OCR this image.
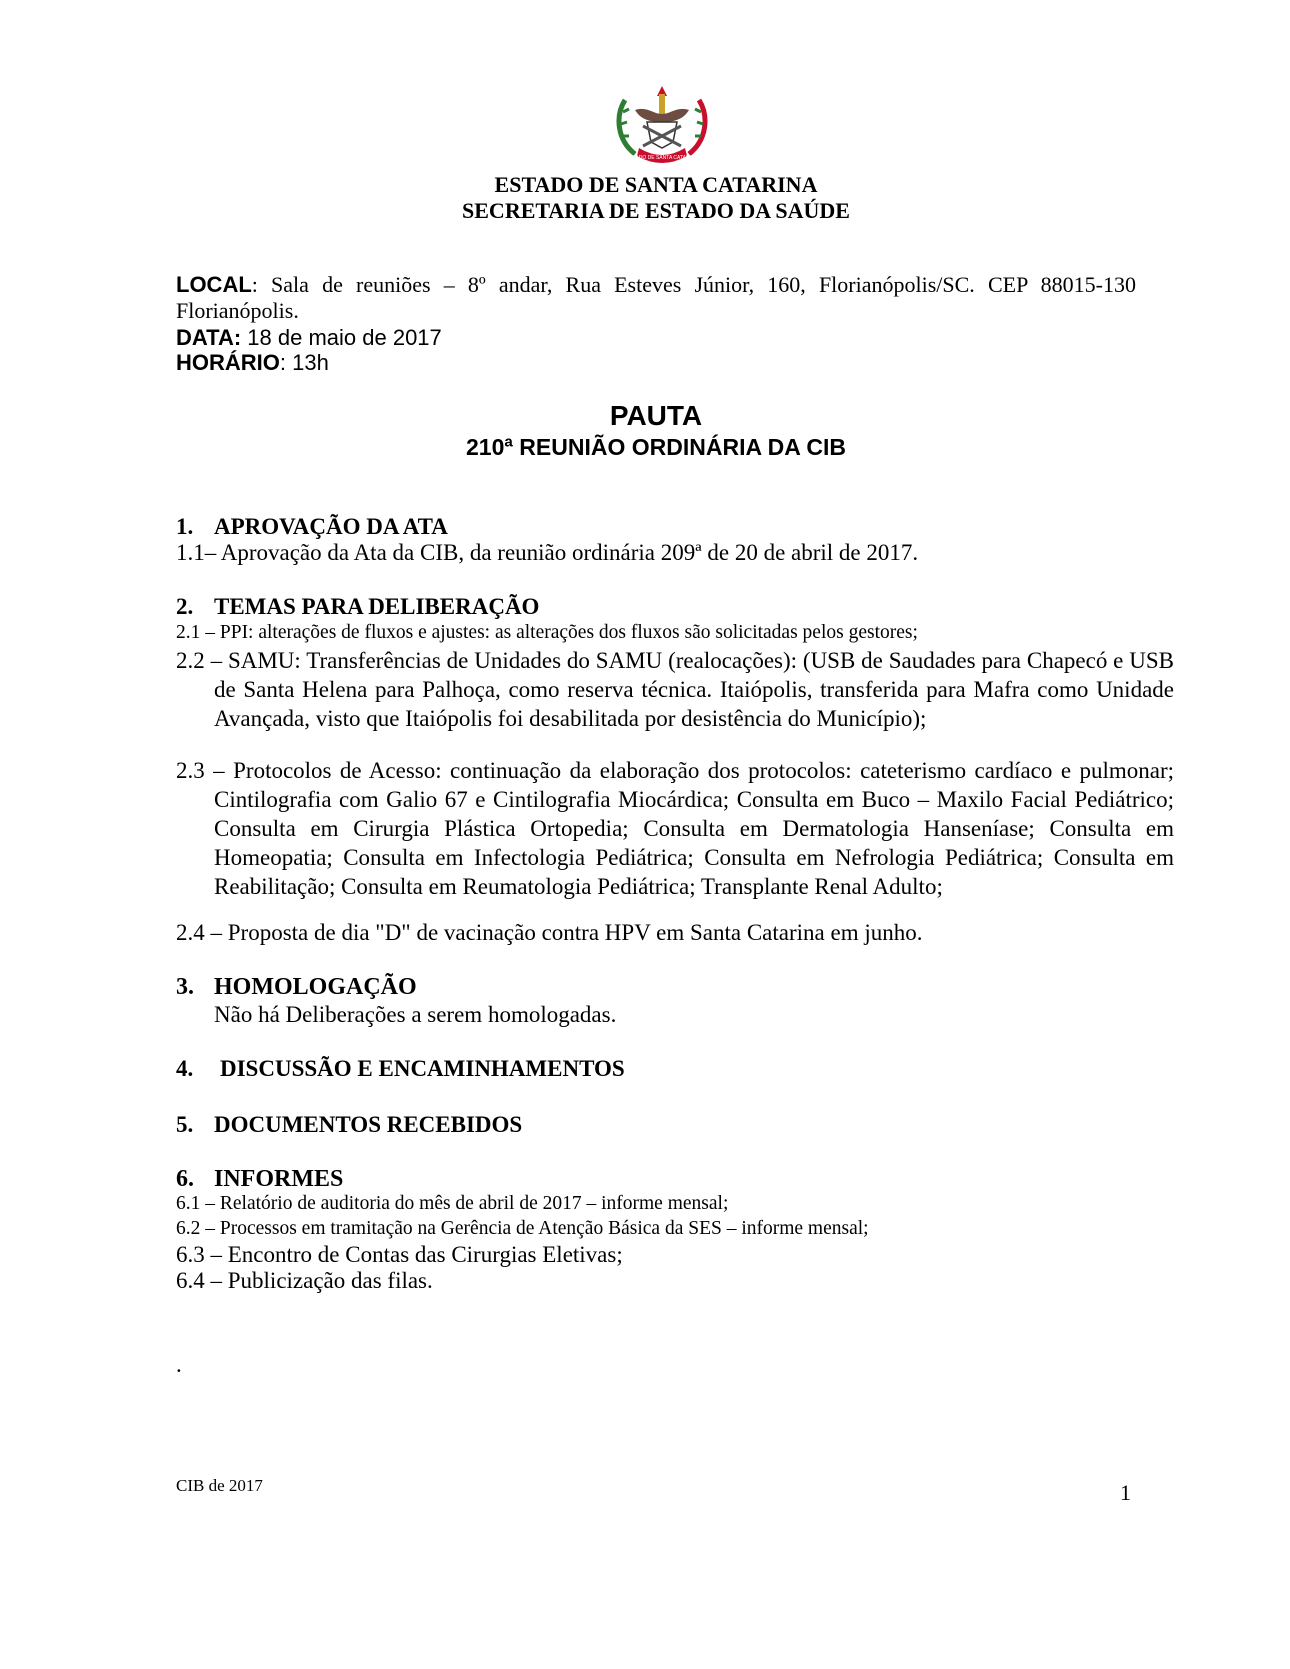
ESTADO DE SANTA CATARINA
ESTADO DE SANTA CATARINA
SECRETARIA DE ESTADO DA SAÚDE
LOCAL: Sala de reuniões – 8º andar, Rua Esteves Júnior, 160, Florianópolis/SC. CEP 88015-130 Florianópolis.
DATA: 18 de maio de 2017
HORÁRIO: 13h
PAUTA
210ª REUNIÃO ORDINÁRIA DA CIB
1. APROVAÇÃO DA ATA
1.1– Aprovação da Ata da CIB, da reunião ordinária 209ª de 20 de abril de 2017.
2. TEMAS PARA DELIBERAÇÃO
2.1 – PPI: alterações de fluxos e ajustes: as alterações dos fluxos são solicitadas pelos gestores;
2.2 – SAMU: Transferências de Unidades do SAMU (realocações): (USB de Saudades para Chapecó e USB de Santa Helena para Palhoça, como reserva técnica. Itaiópolis, transferida para Mafra como Unidade Avançada, visto que Itaiópolis foi desabilitada por desistência do Município);
2.3 – Protocolos de Acesso: continuação da elaboração dos protocolos: cateterismo cardíaco e pulmonar; Cintilografia com Galio 67 e Cintilografia Miocárdica; Consulta em Buco – Maxilo Facial Pediátrico; Consulta em Cirurgia Plástica Ortopedia; Consulta em Dermatologia Hanseníase; Consulta em Homeopatia; Consulta em Infectologia Pediátrica; Consulta em Nefrologia Pediátrica; Consulta em Reabilitação; Consulta em Reumatologia Pediátrica; Transplante Renal Adulto;
2.4 – Proposta de dia "D" de vacinação contra HPV em Santa Catarina em junho.
3. HOMOLOGAÇÃO
Não há Deliberações a serem homologadas.
4. DISCUSSÃO E ENCAMINHAMENTOS
5. DOCUMENTOS RECEBIDOS
6. INFORMES
6.1 – Relatório de auditoria do mês de abril de 2017 – informe mensal;
6.2 – Processos em tramitação na Gerência de Atenção Básica da SES – informe mensal;
6.3 – Encontro de Contas das Cirurgias Eletivas;
6.4 – Publicização das filas.
.
CIB de 2017	1
